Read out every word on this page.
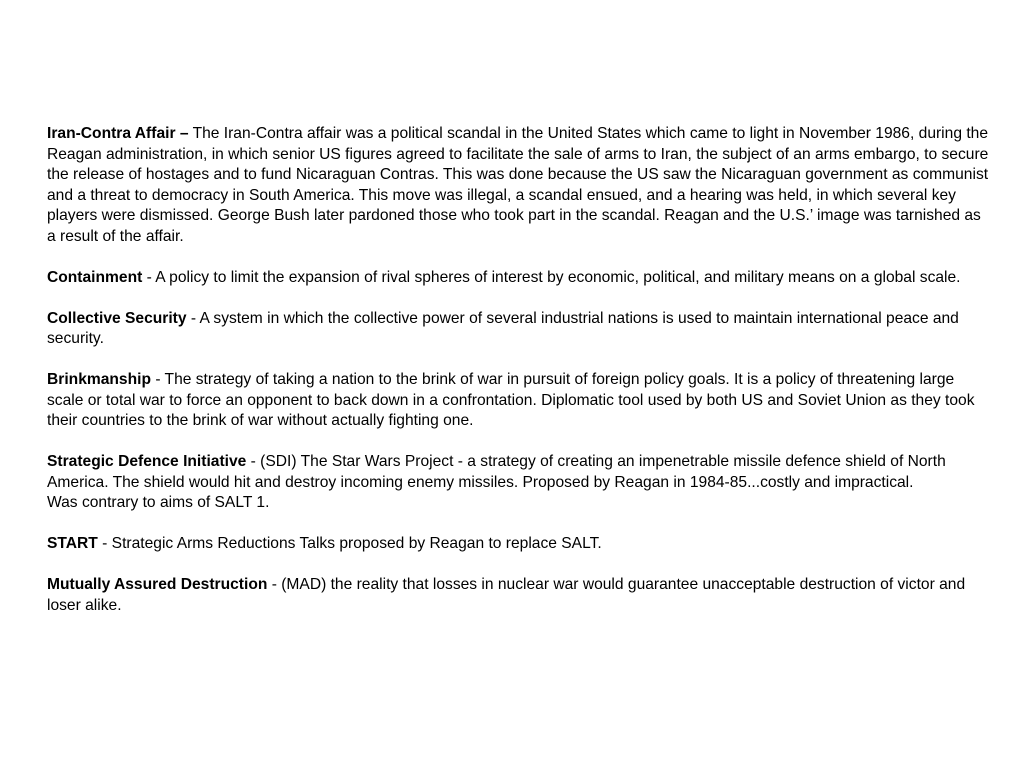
Iran-Contra Affair – The Iran-Contra affair was a political scandal in the United States which came to light in November 1986, during the Reagan administration, in which senior US figures agreed to facilitate the sale of arms to Iran, the subject of an arms embargo, to secure the release of hostages and to fund Nicaraguan Contras. This was done because the US saw the Nicaraguan government as communist and a threat to democracy in South America. This move was illegal, a scandal ensued, and a hearing was held, in which several key players were dismissed. George Bush later pardoned those who took part in the scandal. Reagan and the U.S.’ image was tarnished as a result of the affair.

Containment - A policy to limit the expansion of rival spheres of interest by economic, political, and military means on a global scale.

Collective Security - A system in which the collective power of several industrial nations is used to maintain international peace and security.

Brinkmanship - The strategy of taking a nation to the brink of war in pursuit of foreign policy goals. It is a policy of threatening large scale or total war to force an opponent to back down in a confrontation. Diplomatic tool used by both US and Soviet Union as they took their countries to the brink of war without actually fighting one.

Strategic Defence Initiative - (SDI) The Star Wars Project - a strategy of creating an impenetrable missile defence shield of North America. The shield would hit and destroy incoming enemy missiles. Proposed by Reagan in 1984-85...costly and impractical.
Was contrary to aims of SALT 1.

START - Strategic Arms Reductions Talks proposed by Reagan to replace SALT.

Mutually Assured Destruction - (MAD) the reality that losses in nuclear war would guarantee unacceptable destruction of victor and loser alike.
